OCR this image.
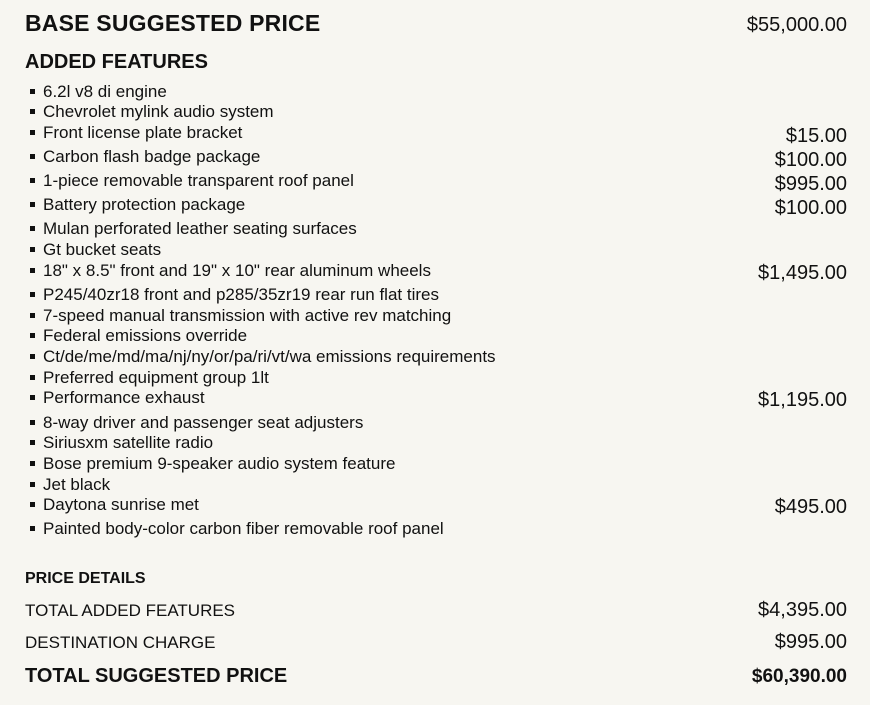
BASE SUGGESTED PRICE	$55,000.00
ADDED FEATURES
6.2l v8 di engine
Chevrolet mylink audio system
Front license plate bracket	$15.00
Carbon flash badge package	$100.00
1-piece removable transparent roof panel	$995.00
Battery protection package	$100.00
Mulan perforated leather seating surfaces
Gt bucket seats
18" x 8.5" front and 19" x 10" rear aluminum wheels	$1,495.00
P245/40zr18 front and p285/35zr19 rear run flat tires
7-speed manual transmission with active rev matching
Federal emissions override
Ct/de/me/md/ma/nj/ny/or/pa/ri/vt/wa emissions requirements
Preferred equipment group 1lt
Performance exhaust	$1,195.00
8-way driver and passenger seat adjusters
Siriusxm satellite radio
Bose premium 9-speaker audio system feature
Jet black
Daytona sunrise met	$495.00
Painted body-color carbon fiber removable roof panel
PRICE DETAILS
TOTAL ADDED FEATURES	$4,395.00
DESTINATION CHARGE	$995.00
TOTAL SUGGESTED PRICE	$60,390.00
